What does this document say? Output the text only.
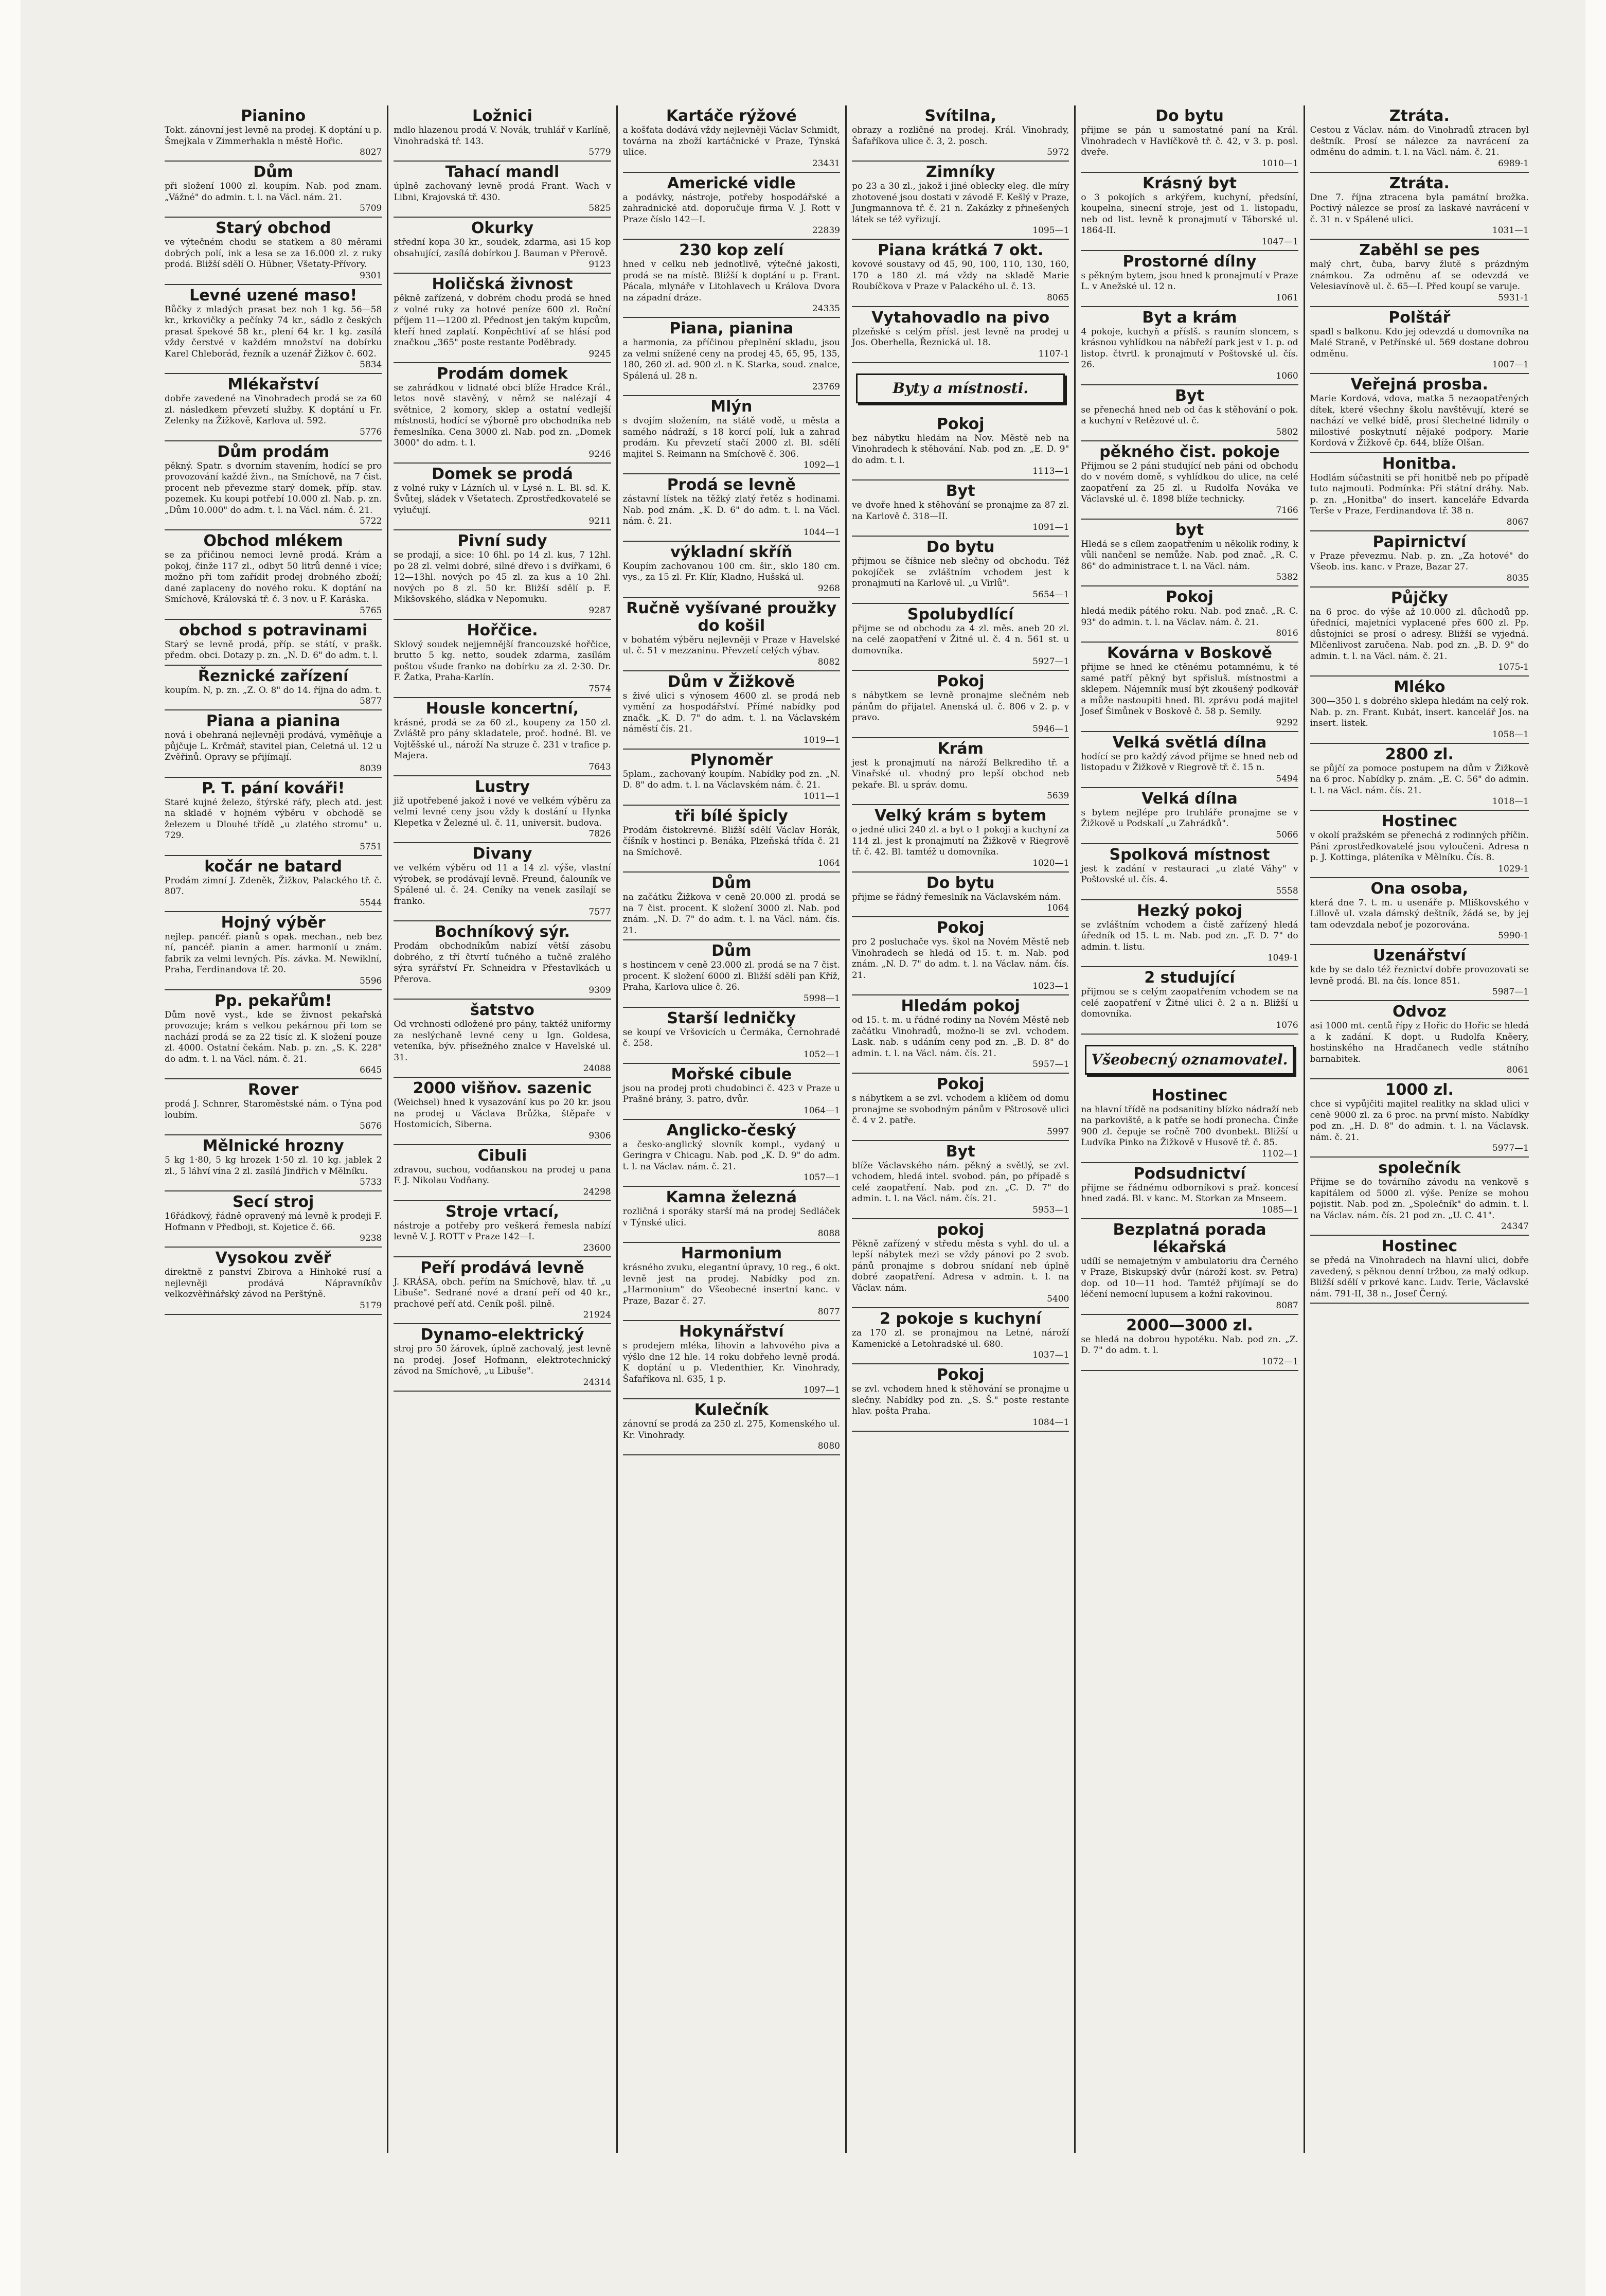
Pianino

Tokt. zánovní jest levně na prodej. K doptání u p. Šmejkala v Zimmerhakla n městě Hořic.

8027
Dům

při složení 1000 zl. koupím. Nab. pod znam. „Vážné" do admin. t. l. na Václ. nám. 21.

5709
Starý obchod

ve výtečném chodu se statkem a 80 měrami dobrých polí, ink a lesa se za 16.000 zl. z ruky prodá. Bližší sdělí O. Hübner, Všetaty-Přívory.

9301
Levné uzené maso!

Bůčky z mladých prasat bez noh 1 kg. 56—58 kr., krkovičky a pečínky 74 kr., sádlo z českých prasat špekové 58 kr., plení 64 kr. 1 kg. zasílá vždy čerstvé v každém množství na dobírku Karel Chleborád, řezník a uzenář Žižkov č. 602.

5834
Mlékařství

dobře zavedené na Vinohradech prodá se za 60 zl. následkem převzetí služby. K doptání u Fr. Zelenky na Žižkově, Karlova ul. 592.

5776
Dům prodám

pěkný. Spatr. s dvorním stavením, hodící se pro provozování každé živn., na Smíchově, na 7 čist. procent neb převezme starý domek, příp. stav. pozemek. Ku koupi potřebí 10.000 zl. Nab. p. zn. „Dům 10.000" do adm. t. l. na Václ. nám. č. 21.

5722
Obchod mlékem

se za přičinou nemoci levně prodá. Krám a pokoj, činže 117 zl., odbyt 50 litrů denně i více; možno při tom zařídit prodej drobného zboží; dané zaplaceny do nového roku. K doptání na Smíchově, Královská tř. č. 3 nov. u F. Karáska.

5765
obchod s potravinami

Starý se levně prodá, příp. se státí, v prašk. předm. obci. Dotazy p. zn. „N. D. 6" do adm. t. l.

Řeznické zařízení

koupím. N, p. zn. „Z. O. 8" do 14. října do adm. t.

5877
Piana a pianina

nová i obehraná nejlevněji prodává, vyměňuje a půjčuje L. Krčmář, stavitel pian, Celetná ul. 12 u Zvěřinů. Opravy se přijímají.

8039
P. T. pání kováři!

Staré kujné železo, štýrské ráfy, plech atd. jest na skladě v hojném výběru v obchodě se železem u Dlouhé třídě „u zlatého stromu" u. 729.

5751
kočár ne batard

Prodám zimní J. Zdeněk, Žižkov, Palackého tř. č. 807.

5544
Hojný výběr

nejlep. pancéř. pianů s opak. mechan., neb bez ní, pancéř. pianin a amer. harmonií u znám. fabrik za velmi levných. Pís. závka. M. Newiklní, Praha, Ferdinandova tř. 20.

5596
Pp. pekařům!

Dům nově vyst., kde se živnost pekařská provozuje; krám s velkou pekárnou při tom se nachází prodá se za 22 tisíc zl. K složení pouze zl. 4000. Ostatní čekám. Nab. p. zn. „S. K. 228" do adm. t. l. na Václ. nám. č. 21.

6645
Rover

prodá J. Schnrer, Staroměstské nám. o Týna pod loubím.

5676
Mělnické hrozny

5 kg 1·80, 5 kg hrozek 1·50 zl. 10 kg. jablek 2 zl., 5 láhví vína 2 zl. zasílá Jindřich v Mělníku.

5733
Secí stroj

16řádkový, řádně opravený má levně k prodeji F. Hofmann v Předboji, st. Kojetice č. 66.

9238
Vysokou zvěř

direktně z panství Zbirova a Hinhoké rusí a nejlevněji prodává Nápravníkův velkozvěřinářský závod na Perštýně.

5179
Ložnici

mdlo hlazenou prodá V. Novák, truhlář v Karlíně, Vinohradská tř. 143.

5779
Tahací mandl

úplně zachovaný levně prodá Frant. Wach v Libni, Krajovská tř. 430.

5825
Okurky

střední kopa 30 kr., soudek, zdarma, asi 15 kop obsahující, zasílá dobírkou J. Bauman v Přerově.

9123
Holičská živnost

pěkně zařízená, v dobrém chodu prodá se hned z volné ruky za hotové peníze 600 zl. Roční příjem 11—1200 zl. Přednost jen takým kupcům, kteří hned zaplatí. Konpěchtiví ať se hlásí pod značkou „365" poste restante Poděbrady.

9245
Prodám domek

se zahrádkou v lidnaté obci blíže Hradce Král., letos nově stavěný, v němž se nalézají 4 světnice, 2 komory, sklep a ostatní vedlejší místnosti, hodící se výborně pro obchodníka neb řemeslníka. Cena 3000 zl. Nab. pod zn. „Domek 3000" do adm. t. l.

9246
Domek se prodá

z volné ruky v Lázních ul. v Lysé n. L. Bl. sd. K. Švůtej, sládek v Všetatech. Zprostředkovatelé se vylučují.

9211
Pivní sudy

se prodají, a sice: 10 6hl. po 14 zl. kus, 7 12hl. po 28 zl. velmi dobré, silné dřevo i s dvířkami, 6 12—13hl. nových po 45 zl. za kus a 10 2hl. nových po 8 zl. 50 kr. Bližší sdělí p. F. Mikšovského, sládka v Nepomuku.

9287
Hořčice.

Sklový soudek nejjemnější francouzské hořčice, brutto 5 kg. netto, soudek zdarma, zasílám poštou všude franko na dobírku za zl. 2·30. Dr. F. Žatka, Praha-Karlín.

7574
Housle koncertní,

krásné, prodá se za 60 zl., koupeny za 150 zl. Zvláště pro pány skladatele, proč. hodné. Bl. ve Vojtěšské ul., nároží Na struze č. 231 v trafice p. Majera.

7643
Lustry

již upotřebené jakož i nové ve velkém výběru za velmi levné ceny jsou vždy k dostání u Hynka Klepetka v Železné ul. č. 11, universit. budova.

7826
Divany

ve velkém výběru od 11 a 14 zl. výše, vlastní výrobek, se prodávají levně. Freund, čalouník ve Spálené ul. č. 24. Ceníky na venek zasílají se franko.

7577
Bochníkový sýr.

Prodám obchodníkům nabízí větší zásobu dobrého, z tří čtvrtí tučného a tučně zralého sýra syrářství Fr. Schneidra v Přestavlkách u Přerova.

9309
šatstvo

Od vrchnosti odložené pro pány, taktéž uniformy za neslýchaně levné ceny u Ign. Goldesa, veteníka, býv. přísežného znalce v Havelské ul. 31.

24088
2000 višňov. sazenic

(Weichsel) hned k vysazování kus po 20 kr. jsou na prodej u Václava Brůžka, štěpaře v Hostomicích, Siberna.

9306
Cibuli

zdravou, suchou, vodňanskou na prodej u pana F. J. Nikolau Vodňany.

24298
Stroje vrtací,

nástroje a potřeby pro veškerá řemesla nabízí levně V. J. ROTT v Praze 142—I.

23600
Peří prodává levně

J. KRÁSA, obch. peřím na Smíchově, hlav. tř. „u Libuše". Sedrané nové a draní peří od 40 kr., prachové peří atd. Ceník pošl. pilně.

21924
Dynamo-elektrický

stroj pro 50 žárovek, úplně zachovalý, jest levně na prodej. Josef Hofmann, elektrotechnický závod na Smíchově, „u Libuše".

24314
Kartáče rýžové

a košťata dodává vždy nejlevněji Václav Schmidt, továrna na zboží kartáčnické v Praze, Týnská ulice.

23431
Americké vidle

a podávky, nástroje, potřeby hospodářské a zahradnické atd. doporučuje firma V. J. Rott v Praze číslo 142—I.

22839
230 kop zelí

hned v celku neb jednotlivě, výtečné jakosti, prodá se na místě. Bližší k doptání u p. Frant. Pácala, mlynáře v Litohlavech u Králova Dvora na západní dráze.

24335
Piana, pianina

a harmonia, za příčinou přeplnění skladu, jsou za velmi snížené ceny na prodej 45, 65, 95, 135, 180, 260 zl. ad. 900 zl. n K. Starka, soud. znalce, Spálená ul. 28 n.

23769
Mlýn

s dvojím složením, na státě vodě, u města a samého nádraží, s 18 korcí polí, luk a zahrad prodám. Ku převzetí stačí 2000 zl. Bl. sdělí majitel S. Reimann na Smíchově č. 306.

1092—1
Prodá se levně

zástavní lístek na těžký zlatý řetěz s hodinami. Nab. pod znám. „K. D. 6" do adm. t. l. na Václ. nám. č. 21.

1044—1
výkladní skříň

Koupím zachovanou 100 cm. šir., sklo 180 cm. vys., za 15 zl. Fr. Klír, Kladno, Hušská ul.

9268
Ručně vyšívané proužky do košil

v bohatém výběru nejlevněji v Praze v Havelské ul. č. 51 v mezzaninu. Převzetí celých výbav.

8082
Dům v Žižkově

s živé ulici s výnosem 4600 zl. se prodá neb vymění za hospodářství. Přímé nabídky pod značk. „K. D. 7" do adm. t. l. na Václavském náměstí čís. 21.

1019—1
Plynoměr

5plam., zachovaný koupím. Nabídky pod zn. „N. D. 8" do adm. t. l. na Václavském nám. č. 21.

1011—1
tři bílé špicly

Prodám čistokrevné. Bližší sdělí Václav Horák, číšník v hostinci p. Benáka, Plzeňská třída č. 21 na Smíchově.

1064
Dům

na začátku Žižkova v ceně 20.000 zl. prodá se na 7 čist. procent. K složení 3000 zl. Nab. pod znám. „N. D. 7" do adm. t. l. na Václ. nám. čís. 21.

Dům

s hostincem v ceně 23.000 zl. prodá se na 7 čist. procent. K složení 6000 zl. Bližší sdělí pan Kříž, Praha, Karlova ulice č. 26.

5998—1
Starší ledničky

se koupí ve Vršovicích u Čermáka, Černohradé č. 258.

1052—1
Mořské cibule

jsou na prodej proti chudobinci č. 423 v Praze u Prašné brány, 3. patro, dvůr.

1064—1
Anglicko-český

a česko-anglický slovník kompl., vydaný u Geringra v Chicagu. Nab. pod „K. D. 9" do adm. t. l. na Václav. nám. č. 21.

1057—1
Kamna železná

rozličná i sporáky starší má na prodej Sedláček v Týnské ulici.

8088
Harmonium

krásného zvuku, elegantní úpravy, 10 reg., 6 okt. levně jest na prodej. Nabídky pod zn. „Harmonium" do Všeobecné insertní kanc. v Praze, Bazar č. 27.

8077
Hokynářství

s prodejem mléka, lihovin a lahvového piva a výšlo dne 12 hle. 14 roku dobřeho levně prodá. K doptání u p. Vledenthier, Kr. Vinohrady, Šafaříkova nl. 635, 1 p.

1097—1
Kulečník

zánovní se prodá za 250 zl. 275, Komenského ul. Kr. Vinohrady.

8080
Svítilna,

obrazy a rozličné na prodej. Král. Vinohrady, Šafaříkova ulice č. 3, 2. posch.

5972
Zimníky

po 23 a 30 zl., jakož i jiné oblecky eleg. dle míry zhotovené jsou dostati v závodě F. Kešlý v Praze, Jungmannova tř. č. 21 n. Zakázky z přinešených látek se též vyřizují.

1095—1
Piana krátká 7 okt.

kovové soustavy od 45, 90, 100, 110, 130, 160, 170 a 180 zl. má vždy na skladě Marie Roubíčkova v Praze v Palackého ul. č. 13.

8065
Vytahovadlo na pivo

plzeňské s celým přísl. jest levně na prodej u Jos. Oberhella, Řeznická ul. 18.

1107-1
Byty a místnosti.
Pokoj

bez nábytku hledám na Nov. Městě neb na Vinohradech k stěhování. Nab. pod zn. „E. D. 9" do adm. t. l.

1113—1
Byt

ve dvoře hned k stěhování se pronajme za 87 zl. na Karlově č. 318—II.

1091—1
Do bytu

přijmou se číšnice neb slečny od obchodu. Též pokojíček se zvláštním vchodem jest k pronajmutí na Karlově ul. „u Virlů".

5654—1
Spolubydlící

přijme se od obchodu za 4 zl. měs. aneb 20 zl. na celé zaopatření v Žitné ul. č. 4 n. 561 st. u domovníka.

5927—1
Pokoj

s nábytkem se levně pronajme slečném neb pánům do přijatel. Anenská ul. č. 806 v 2. p. v pravo.

5946—1
Krám

jest k pronajmutí na nároží Belkrediho tř. a Vinařské ul. vhodný pro lepší obchod neb pekaře. Bl. u správ. domu.

5639
Velký krám s bytem

o jedné ulici 240 zl. a byt o 1 pokoji a kuchyní za 114 zl. jest k pronajmutí na Žižkově v Riegrově tř. č. 42. Bl. tamtéž u domovníka.

1020—1
Do bytu

přijme se řádný řemeslník na Václavském nám.

1064
Pokoj

pro 2 posluchače vys. škol na Novém Městě neb Vinohradech se hledá od 15. t. m. Nab. pod znám. „N. D. 7" do adm. t. l. na Václav. nám. čís. 21.

1023—1
Hledám pokoj

od 15. t. m. u řádné rodiny na Novém Městě neb začátku Vinohradů, možno-li se zvl. vchodem. Lask. nab. s udáním ceny pod zn. „B. D. 8" do admin. t. l. na Václ. nám. čís. 21.

5957—1
Pokoj

s nábytkem a se zvl. vchodem a klíčem od domu pronajme se svobodným pánům v Pštrosově ulici č. 4 v 2. patře.

5997
Byt

blíže Václavského nám. pěkný a světlý, se zvl. vchodem, hledá intel. svobod. pán, po případě s celé zaopatření. Nab. pod zn. „C. D. 7" do admin. t. l. na Václ. nám. čís. 21.

5953—1
pokoj

Pěkně zařízený v středu města s vyhl. do ul. a lepší nábytek mezi se vždy pánovi po 2 svob. pánů pronajme s dobrou snídaní neb úplně dobré zaopatření. Adresa v admin. t. l. na Václav. nám.

5400
2 pokoje s kuchyní

za 170 zl. se pronajmou na Letné, nároží Kamenické a Letohradské ul. 680.

1037—1
Pokoj

se zvl. vchodem hned k stěhování se pronajme u slečny. Nabídky pod zn. „S. Š." poste restante hlav. pošta Praha.

1084—1
Do bytu

přijme se pán u samostatné paní na Král. Vinohradech v Havlíčkově tř. č. 42, v 3. p. posl. dveře.

1010—1
Krásný byt

o 3 pokojích s arkýřem, kuchyní, předsíní, koupelna, sinecní stroje, jest od 1. listopadu, neb od list. levně k pronajmutí v Táborské ul. 1864-II.

1047—1
Prostorné dílny

s pěkným bytem, jsou hned k pronajmutí v Praze L. v Anežské ul. 12 n.

1061
Byt a krám

4 pokoje, kuchyň a příslš. s rauním sloncem, s krásnou vyhlídkou na nábřeží park jest v 1. p. od listop. čtvrtl. k pronajmutí v Poštovské ul. čís. 26.

1060
Byt

se přenechá hned neb od čas k stěhování o pok. a kuchyní v Retězové ul. č.

5802
pěkného čist. pokoje

Přijmou se 2 páni studující neb páni od obchodu do v novém domě, s vyhlídkou do ulice, na celé zaopatření za 25 zl. u Rudolfa Nováka ve Václavské ul. č. 1898 blíže technicky.

7166
byt

Hledá se s cílem zaopatřením u několik rodiny, k vůli nančenl se nemůže. Nab. pod znač. „R. C. 86" do administrace t. l. na Václ. nám.

5382
Pokoj

hledá medik pátého roku. Nab. pod znač. „R. C. 93" do admin. t. l. na Václav. nám. č. 21.

8016
Kovárna v Boskově

přijme se hned ke ctěnému potamnému, k té samé patří pěkný byt spřisluš. místnostmi a sklepem. Nájemník musí být zkoušený podkovář a může nastoupiti hned. Bl. zprávu podá majitel Josef Šimůnek v Boskově č. 58 p. Semily.

9292
Velká světlá dílna

hodící se pro každý závod přijme se hned neb od listopadu v Žižkově v Riegrově tř. č. 15 n.

5494
Velká dílna

s bytem nejlépe pro truhláře pronajme se v Žižkově u Podskalí „u Zahrádků".

5066
Spolková místnost

jest k zadání v restauraci „u zlaté Váhy" v Poštovské ul. čís. 4.

5558
Hezký pokoj

se zvláštním vchodem a čistě zařízený hledá úředník od 15. t. m. Nab. pod zn. „F. D. 7" do admin. t. listu.

1049-1
2 studující

přijmou se s celým zaopatřením vchodem se na celé zaopatření v Žitné ulici č. 2 a n. Bližší u domovníka.

1076
Všeobecný oznamovatel.
Hostinec

na hlavní třídě na podsanitiny blízko nádraží neb na parkoviště, a k patře se hodí pronecha. Činže 900 zl. čepuje se ročně 700 dvonbekt. Bližší u Ludvíka Pinko na Žižkově v Husově tř. č. 85.

1102—1
Podsudnictví

přijme se řádnému odborníkovi s praž. koncesí hned zadá. Bl. v kanc. M. Storkan za Mnseem.

1085—1
Bezplatná porada lékařská

udílí se nemajetným v ambulatoriu dra Černého v Praze, Biskupský dvůr (nároží kost. sv. Petra) dop. od 10—11 hod. Tamtéž přijímají se do léčení nemocní lupusem a kožní rakovinou.

8087
2000—3000 zl.

se hledá na dobrou hypotéku. Nab. pod zn. „Z. D. 7" do adm. t. l.

1072—1
Ztráta.

Cestou z Václav. nám. do Vinohradů ztracen byl deštník. Prosí se nálezce za navrácení za odměnu do admin. t. l. na Václ. nám. č. 21.

6989-1
Ztráta.

Dne 7. října ztracena byla památní brožka. Poctivý nálezce se prosí za laskavé navrácení v č. 31 n. v Spálené ulici.

1031—1
Zaběhl se pes

malý chrt, čuba, barvy žlutě s prázdným známkou. Za odměnu ať se odevzdá ve Velesiavínově ul. č. 65—I. Před koupí se varuje.

5931-1
Polštář

spadl s balkonu. Kdo jej odevzdá u domovníka na Malé Straně, v Petřínské ul. 569 dostane dobrou odměnu.

1007—1
Veřejná prosba.

Marie Kordová, vdova, matka 5 nezaopatřených dítek, které všechny školu navštěvují, které se nachází ve velké bídě, prosí šlechetné lidmily o milostivé poskytnutí nějaké podpory. Marie Kordová v Žižkově čp. 644, blíže Olšan.

Honitba.

Hodlám súčastniti se při honitbě neb po případě tuto najmouti. Podmínka: Při státní dráhy. Nab. p. zn. „Honitba" do insert. kanceláře Edvarda Terše v Praze, Ferdinandova tř. 38 n.

8067
Papirnictví

v Praze převezmu. Nab. p. zn. „Za hotové" do Všeob. ins. kanc. v Praze, Bazar 27.

8035
Půjčky

na 6 proc. do výše až 10.000 zl. důchodů pp. úředníci, majetníci vyplacené přes 600 zl. Pp. důstojníci se prosí o adresy. Bližší se vyjedná. Mlčenlivost zaručena. Nab. pod zn. „B. D. 9" do admin. t. l. na Václ. nám. č. 21.

1075-1
Mléko

300—350 l. s dobrého sklepa hledám na celý rok. Nab. p. zn. Frant. Kubát, insert. kancelář Jos. na insert. listek.

1058—1
2800 zl.

se půjčí za pomoce postupem na dům v Žižkově na 6 proc. Nabídky p. znám. „E. C. 56" do admin. t. l. na Václ. nám. čís. 21.

1018—1
Hostinec

v okolí pražském se přenechá z rodinných příčin. Páni zprostředkovatelé jsou vyloučeni. Adresa n p. J. Kottinga, pláteníka v Mělníku. Čís. 8.

1029-1
Ona osoba,

která dne 7. t. m. u usenáře p. Mliškovského v Lillově ul. vzala dámský deštník, žádá se, by jej tam odevzdala neboť je pozorována.

5990-1
Uzenářství

kde by se dalo též řeznictví dobře provozovati se levně prodá. Bl. na čís. lonce 851.

5987—1
Odvoz

asi 1000 mt. centů řípy z Hořic do Hořic se hledá a k zadání. K dopt. u Rudolfa Kněery, hostinského na Hradčanech vedle státního barnabitek.

8061
1000 zl.

chce si vypůjčiti majitel realitky na sklad ulici v ceně 9000 zl. za 6 proc. na první místo. Nabídky pod zn. „H. D. 8" do admin. t. l. na Václavsk. nám. č. 21.

5977—1
společník

Přijme se do továrního závodu na venkově s kapitálem od 5000 zl. výše. Peníze se mohou pojistit. Nab. pod zn. „Společník" do admin. t. l. na Václav. nám. čís. 21 pod zn. „U. C. 41".

24347
Hostinec

se předá na Vinohradech na hlavní ulici, dobře zavedený, s pěknou denní tržbou, za malý odkup. Bližší sdělí v prkové kanc. Ludv. Terie, Václavské nám. 791-II, 38 n., Josef Černý.
